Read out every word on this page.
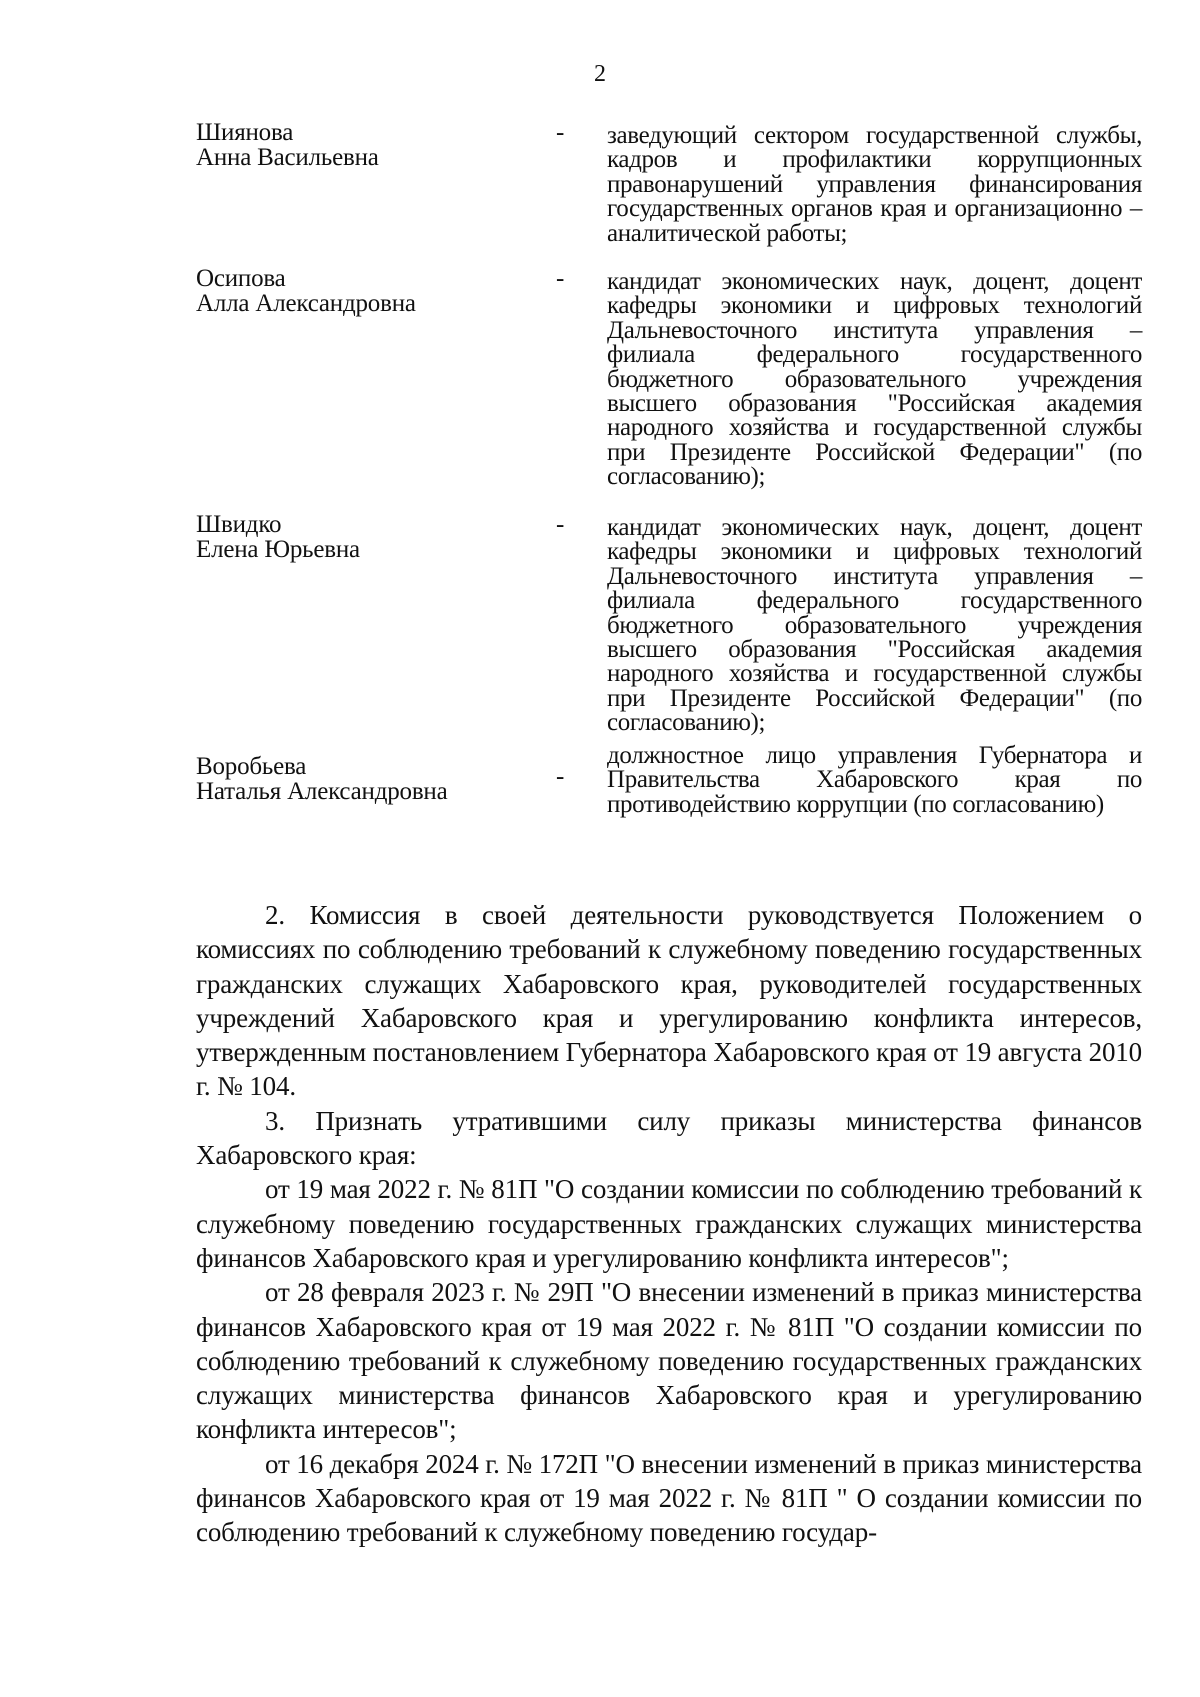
2
Шиянова
Анна Васильевна
- заведующий сектором государственной службы, кадров и профилактики коррупционных правонарушений управления финансирования государственных органов края и организационно – аналитической работы;
Осипова
Алла Александровна
- кандидат экономических наук, доцент, доцент кафедры экономики и цифровых технологий Дальневосточного института управления – филиала федерального государственного бюджетного образовательного учреждения высшего образования "Российская академия народного хозяйства и государственной службы при Президенте Российской Федерации" (по согласованию);
Швидко
Елена Юрьевна
- кандидат экономических наук, доцент, доцент кафедры экономики и цифровых технологий Дальневосточного института управления – филиала федерального государственного бюджетного образовательного учреждения высшего образования "Российская академия народного хозяйства и государственной службы при Президенте Российской Федерации" (по согласованию);
Воробьева
Наталья Александровна
-
должностное лицо управления Губернатора и Правительства Хабаровского края по противодействию коррупции (по согласованию)

2. Комиссия в своей деятельности руководствуется Положением о комиссиях по соблюдению требований к служебному поведению государственных гражданских служащих Хабаровского края, руководителей государственных учреждений Хабаровского края и урегулированию конфликта интересов, утвержденным постановлением Губернатора Хабаровского края от 19 августа 2010 г. № 104.

3. Признать утратившими силу приказы министерства финансов Хабаровского края:

от 19 мая 2022 г. № 81П "О создании комиссии по соблюдению требований к служебному поведению государственных гражданских служащих министерства финансов Хабаровского края и урегулированию конфликта интересов";

от 28 февраля 2023 г. № 29П "О внесении изменений в приказ министерства финансов Хабаровского края от 19 мая 2022 г. № 81П "О создании комиссии по соблюдению требований к служебному поведению государственных гражданских служащих министерства финансов Хабаровского края и урегулированию конфликта интересов";

от 16 декабря 2024 г. № 172П "О внесении изменений в приказ министерства финансов Хабаровского края от 19 мая 2022 г. № 81П " О создании комиссии по соблюдению требований к служебному поведению государ-
